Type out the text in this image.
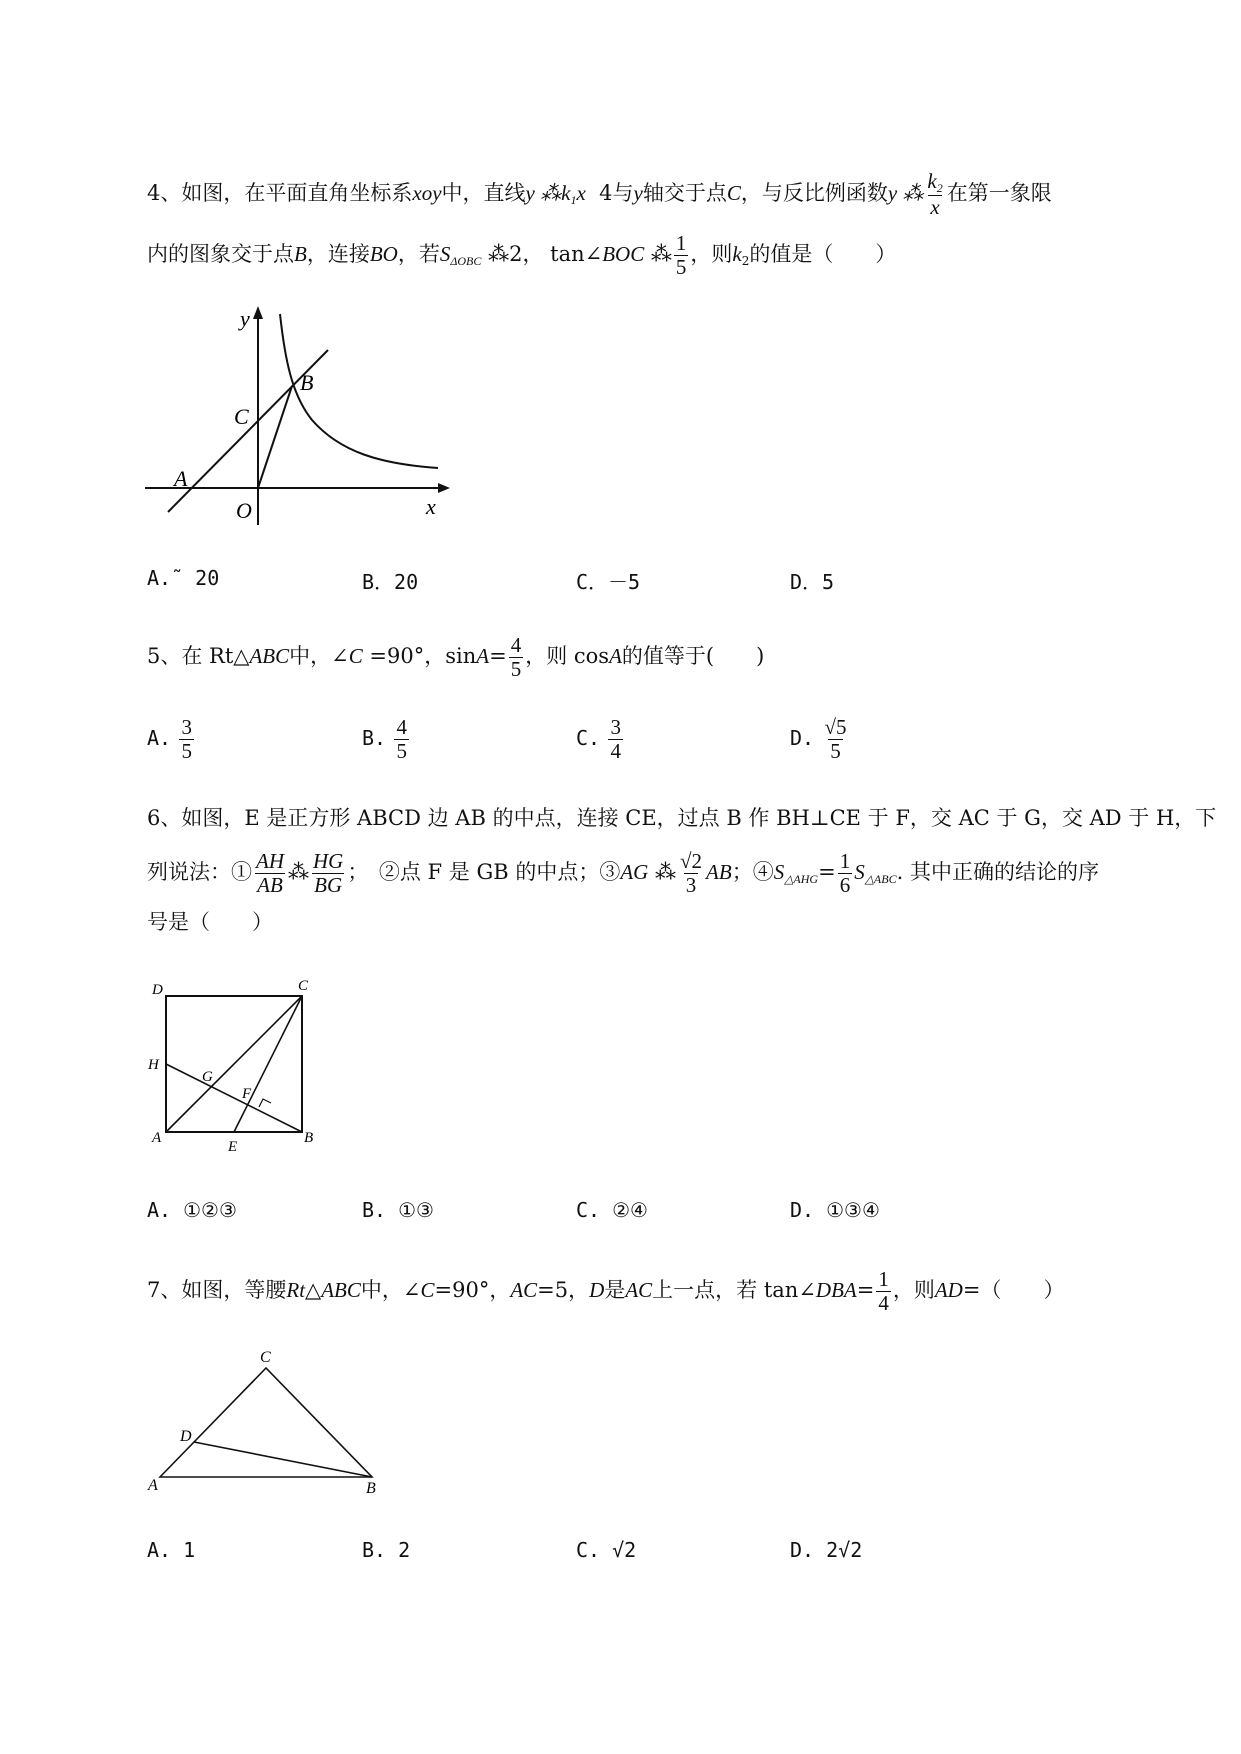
4、如图，在平面直角坐标系xoy中，直线y $⁂k_1x$ 4与y轴交于点C，与反比例函数y ⁂ $\frac{k_2}{x}$ 在第一象限
内的图象交于点B，连接BO，若$S_{\Delta OBC}$ ⁂2， tan∠BOC ⁂ $\frac{1}{5}$ ，则$k_2$的值是（　　）
y
C
B
A
O	x
A.˜ 20	B．20	C．－5	D．5
5、在 Rt△ABC中，∠C =90°，$\sin A= \frac{4}{5}$ ，则 cosA的值等于(　　)
A. $\frac{3}{5}$	B. $\frac{4}{5}$	C. $\frac{3}{4}$	D. $\frac{√5}{5}$
6、如图，E 是正方形 ABCD 边 AB 的中点，连接 CE，过点 B 作 BH⊥CE 于 F，交 AC 于 G，交 AD 于 H，下
列说法：① $\frac{AH}{AB}$ ⁂ $\frac{HG}{BG}$ ；　②点 F 是 GB 的中点；③AG ⁂ $\frac{√2}{3}$ AB；$④S_{\triangle AHG}= \frac{1}{6} S_{\triangle ABC}$. 其中正确的结论的序
号是（　　）
D	C
H
G
F
A
E
B
A. ①②③	B. ①③	C. ②④	D. ①③④
7、如图，等腰Rt△ABC中，∠C=90°，AC=5，D是AC上一点，若 tan∠DBA= $\frac{1}{4}$ ，则AD=（　　）
C
D
A	B
A. 1	B. 2	C. √2	D. 2√2
